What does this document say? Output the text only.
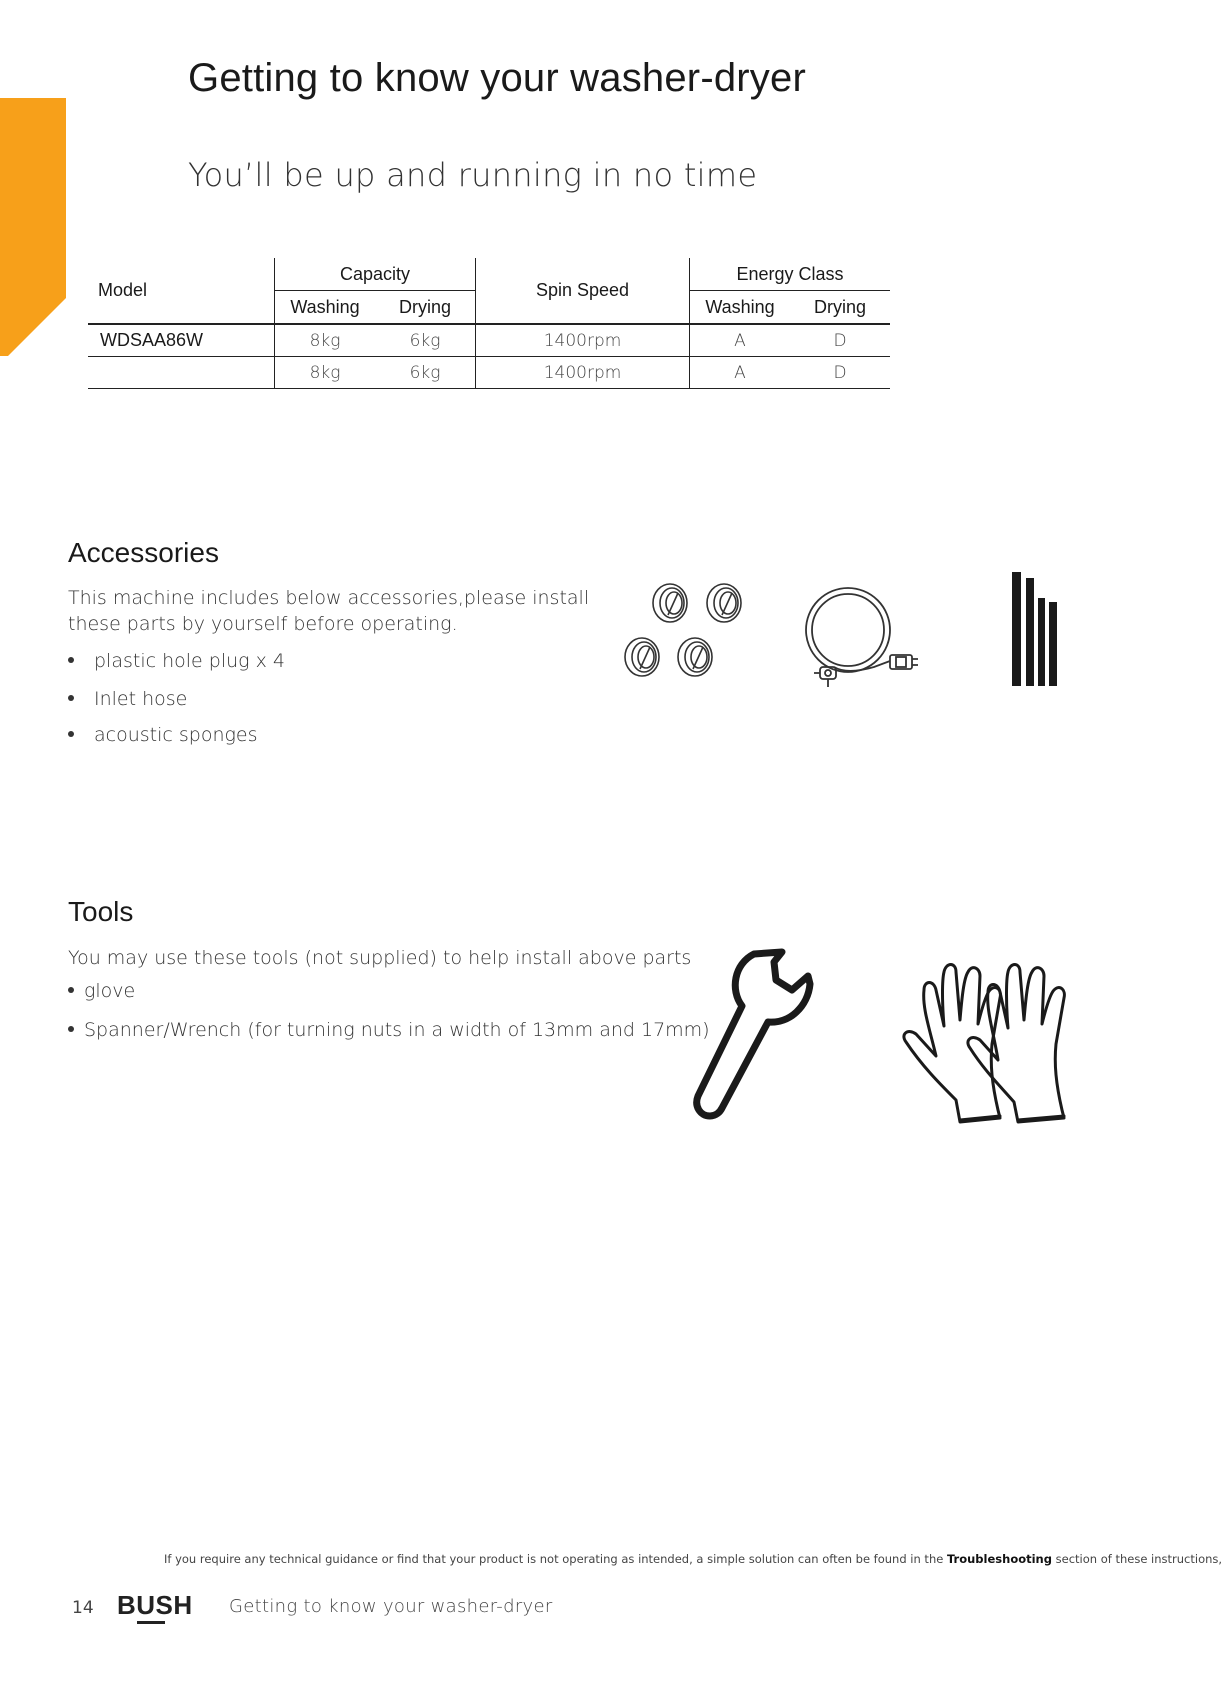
Getting to know your washer-dryer
You’ll be up and running in no time
Model	Capacity		Spin Speed	Energy Class	
	Washing	Drying		Washing	Drying
WDSAA86W	8kg	6kg	1400rpm	A	D
	8kg	6kg	1400rpm	A	D
Accessories
This machine includes below accessories,please install
these parts by yourself before operating.
plastic hole plug x 4
Inlet hose
acoustic sponges
Tools
You may use these tools (not supplied) to help install above parts
glove
Spanner/Wrench (for turning nuts in a width of 13mm and 17mm)
If you require any technical guidance or find that your product is not operating as intended, a simple solution can often be found in the Troubleshooting section of these instructions,
14 BUSH Getting to know your washer-dryer
